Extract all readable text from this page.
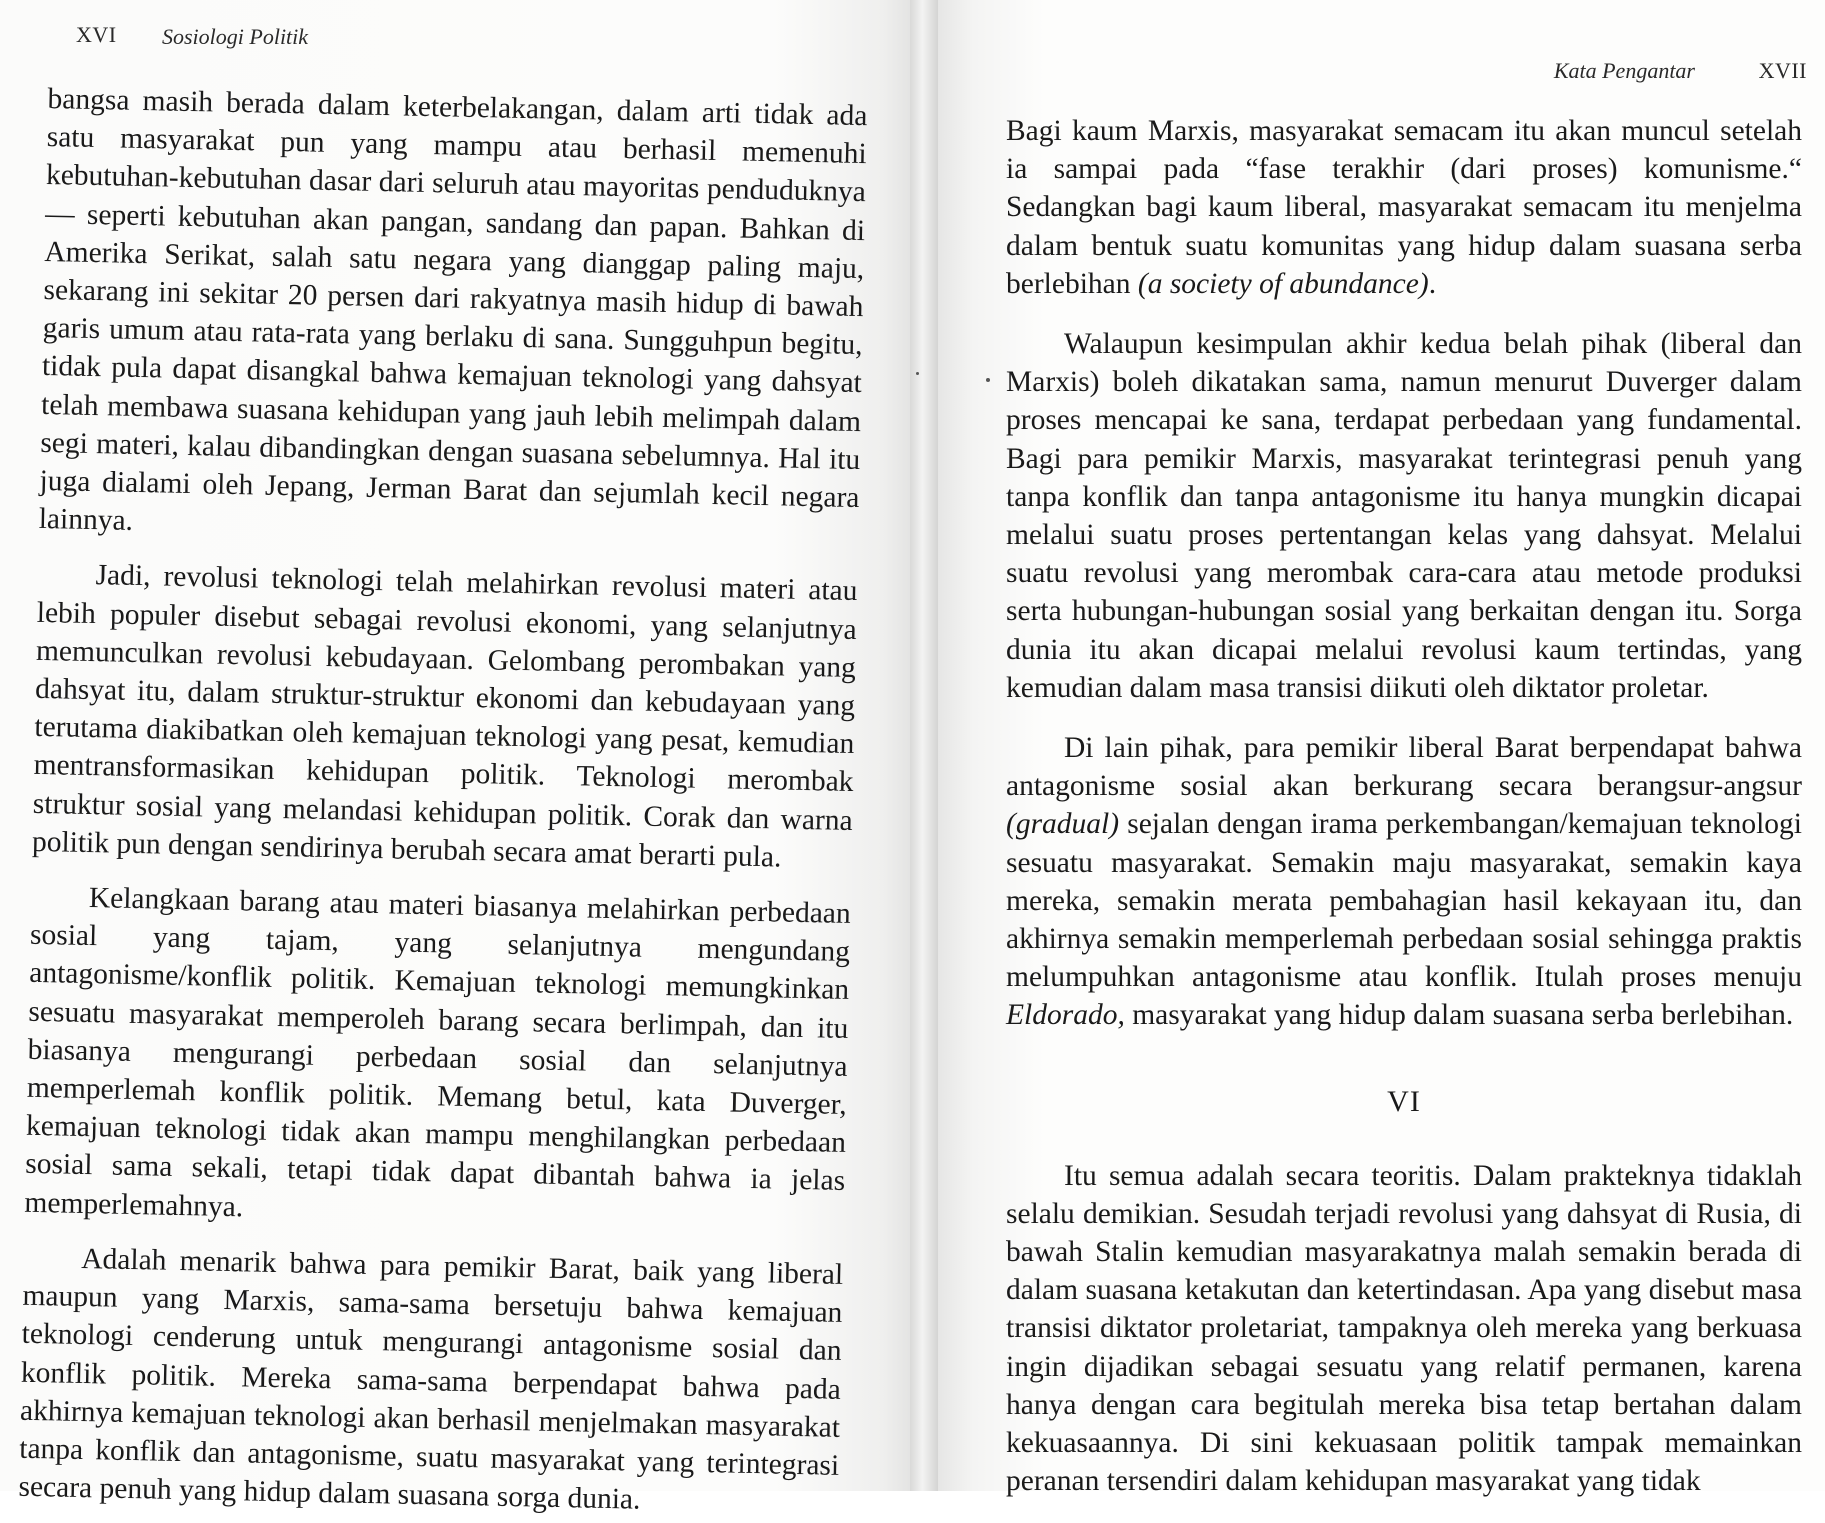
XVI Sosiologi Politik

bangsa masih berada dalam keterbelakangan, dalam arti tidak ada satu masyarakat pun yang mampu atau berhasil memenuhi kebutuhan-kebutuhan dasar dari seluruh atau mayoritas penduduknya — seperti kebutuhan akan pangan, sandang dan papan. Bahkan di Amerika Serikat, salah satu negara yang dianggap paling maju, sekarang ini sekitar 20 persen dari rakyatnya masih hidup di bawah garis umum atau rata-rata yang berlaku di sana. Sungguhpun begitu, tidak pula dapat disangkal bahwa kemajuan teknologi yang dahsyat telah membawa suasana kehidupan yang jauh lebih melimpah dalam segi materi, kalau dibandingkan dengan suasana sebelumnya. Hal itu juga dialami oleh Jepang, Jerman Barat dan sejumlah kecil negara lainnya.

Jadi, revolusi teknologi telah melahirkan revolusi materi atau lebih populer disebut sebagai revolusi ekonomi, yang selanjutnya memunculkan revolusi kebudayaan. Gelombang perombakan yang dahsyat itu, dalam struktur-struktur ekonomi dan kebudayaan yang terutama diakibatkan oleh kemajuan teknologi yang pesat, kemudian mentransformasikan kehidupan politik. Teknologi merombak struktur sosial yang melandasi kehidupan politik. Corak dan warna politik pun dengan sendirinya berubah secara amat berarti pula.

Kelangkaan barang atau materi biasanya melahirkan perbedaan sosial yang tajam, yang selanjutnya mengundang antagonisme/konflik politik. Kemajuan teknologi memungkinkan sesuatu masyarakat memperoleh barang secara berlimpah, dan itu biasanya mengurangi perbedaan sosial dan selanjutnya memperlemah konflik politik. Memang betul, kata Duverger, kemajuan teknologi tidak akan mampu menghilangkan perbedaan sosial sama sekali, tetapi tidak dapat dibantah bahwa ia jelas memperlemahnya.

Adalah menarik bahwa para pemikir Barat, baik yang liberal maupun yang Marxis, sama-sama bersetuju bahwa kemajuan teknologi cenderung untuk mengurangi antagonisme sosial dan konflik politik. Mereka sama-sama berpendapat bahwa pada akhirnya kemajuan teknologi akan berhasil menjelmakan masyarakat tanpa konflik dan antagonisme, suatu masyarakat yang terintegrasi secara penuh yang hidup dalam suasana sorga dunia.

Kata Pengantar	XVII

Bagi kaum Marxis, masyarakat semacam itu akan muncul setelah ia sampai pada “fase terakhir (dari proses) komunisme.“ Sedangkan bagi kaum liberal, masyarakat semacam itu menjelma dalam bentuk suatu komunitas yang hidup dalam suasana serba berlebihan (a society of abundance).

Walaupun kesimpulan akhir kedua belah pihak (liberal dan Marxis) boleh dikatakan sama, namun menurut Duverger dalam proses mencapai ke sana, terdapat perbedaan yang fundamental. Bagi para pemikir Marxis, masyarakat terintegrasi penuh yang tanpa konflik dan tanpa antagonisme itu hanya mungkin dicapai melalui suatu proses pertentangan kelas yang dahsyat. Melalui suatu revolusi yang merombak cara-cara atau metode produksi serta hubungan-hubungan sosial yang berkaitan dengan itu. Sorga dunia itu akan dicapai melalui revolusi kaum tertindas, yang kemudian dalam masa transisi diikuti oleh diktator proletar.

Di lain pihak, para pemikir liberal Barat berpendapat bahwa antagonisme sosial akan berkurang secara berangsur-angsur (gradual) sejalan dengan irama perkembangan/kemajuan teknologi sesuatu masyarakat. Semakin maju masyarakat, semakin kaya mereka, semakin merata pembahagian hasil kekayaan itu, dan akhirnya semakin memperlemah perbedaan sosial sehingga praktis melumpuhkan antagonisme atau konflik. Itulah proses menuju Eldorado, masyarakat yang hidup dalam suasana serba berlebihan.

VI

Itu semua adalah secara teoritis. Dalam prakteknya tidaklah selalu demikian. Sesudah terjadi revolusi yang dahsyat di Rusia, di bawah Stalin kemudian masyarakatnya malah semakin berada di dalam suasana ketakutan dan ketertindasan. Apa yang disebut masa transisi diktator proletariat, tampaknya oleh mereka yang berkuasa ingin dijadikan sebagai sesuatu yang relatif permanen, karena hanya dengan cara begitulah mereka bisa tetap bertahan dalam kekuasaannya. Di sini kekuasaan politik tampak memainkan peranan tersendiri dalam kehidupan masyarakat yang tidak
